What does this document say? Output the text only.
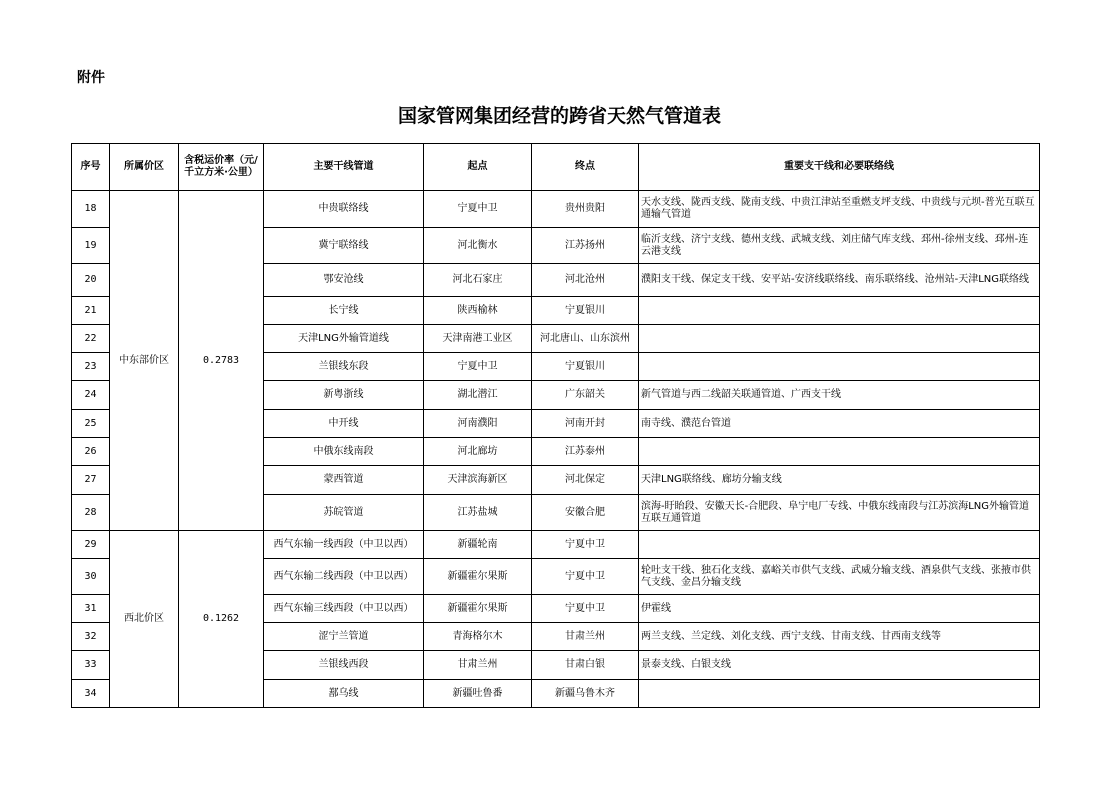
附件
国家管网集团经营的跨省天然气管道表
序号	所属价区	含税运价率（元/千立方米·公里）	主要干线管道	起点	终点	重要支干线和必要联络线
18	中东部价区	0.2783	中贵联络线	宁夏中卫	贵州贵阳	天水支线、陇西支线、陇南支线、中贵江津站至重燃支坪支线、中贵线与元坝-普光互联互通输气管道
19			冀宁联络线	河北衡水	江苏扬州	临沂支线、济宁支线、德州支线、武城支线、刘庄储气库支线、邳州-徐州支线、邳州-连云港支线
20			鄂安沧线	河北石家庄	河北沧州	濮阳支干线、保定支干线、安平站-安济线联络线、南乐联络线、沧州站-天津LNG联络线
21			长宁线	陕西榆林	宁夏银川	
22			天津LNG外输管道线	天津南港工业区	河北唐山、山东滨州	
23			兰银线东段	宁夏中卫	宁夏银川	
24			新粤浙线	湖北潜江	广东韶关	新气管道与西二线韶关联通管道、广西支干线
25			中开线	河南濮阳	河南开封	南寺线、濮范台管道
26			中俄东线南段	河北廊坊	江苏泰州	
27			蒙西管道	天津滨海新区	河北保定	天津LNG联络线、廊坊分输支线
28			苏皖管道	江苏盐城	安徽合肥	滨海-盱眙段、安徽天长-合肥段、阜宁电厂专线、中俄东线南段与江苏滨海LNG外输管道互联互通管道
29	西北价区	0.1262	西气东输一线西段（中卫以西）	新疆轮南	宁夏中卫	
30			西气东输二线西段（中卫以西）	新疆霍尔果斯	宁夏中卫	轮吐支干线、独石化支线、嘉峪关市供气支线、武威分输支线、酒泉供气支线、张掖市供气支线、金昌分输支线
31			西气东输三线西段（中卫以西）	新疆霍尔果斯	宁夏中卫	伊霍线
32			涩宁兰管道	青海格尔木	甘肃兰州	两兰支线、兰定线、刘化支线、西宁支线、甘南支线、甘西南支线等
33			兰银线西段	甘肃兰州	甘肃白银	景泰支线、白银支线
34			鄯乌线	新疆吐鲁番	新疆乌鲁木齐	
